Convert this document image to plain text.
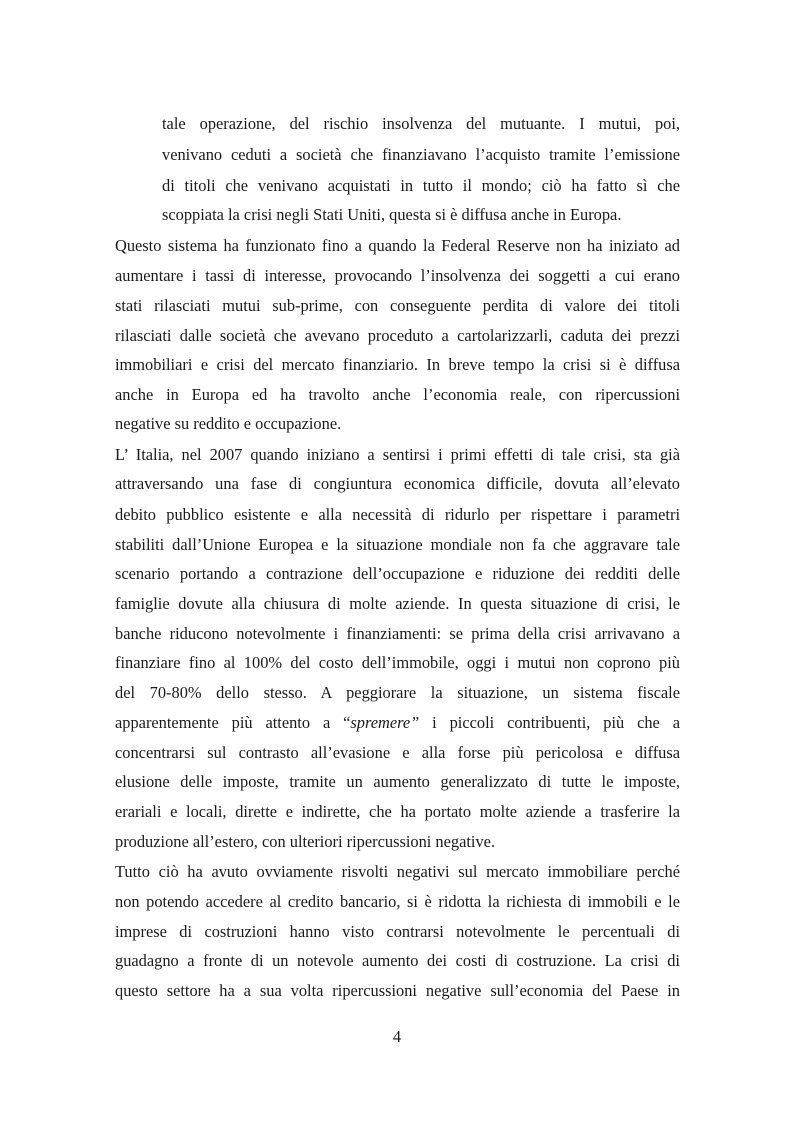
tale operazione, del rischio insolvenza del mutuante. I mutui, poi,
venivano ceduti a società che finanziavano l’acquisto tramite l’emissione
di titoli che venivano acquistati in tutto il mondo; ciò ha fatto sì che
scoppiata la crisi negli Stati Uniti, questa si è diffusa anche in Europa.
Questo sistema ha funzionato fino a quando la Federal Reserve non ha iniziato ad
aumentare i tassi di interesse, provocando l’insolvenza dei soggetti a cui erano
stati rilasciati mutui sub-prime, con conseguente perdita di valore dei titoli
rilasciati dalle società che avevano proceduto a cartolarizzarli, caduta dei prezzi
immobiliari e crisi del mercato finanziario. In breve tempo la crisi si è diffusa
anche in Europa ed ha travolto anche l’economia reale, con ripercussioni
negative su reddito e occupazione.
L’ Italia, nel 2007 quando iniziano a sentirsi i primi effetti di tale crisi, sta già
attraversando una fase di congiuntura economica difficile, dovuta all’elevato
debito pubblico esistente e alla necessità di ridurlo per rispettare i parametri
stabiliti dall’Unione Europea e la situazione mondiale non fa che aggravare tale
scenario portando a contrazione dell’occupazione e riduzione dei redditi delle
famiglie dovute alla chiusura di molte aziende. In questa situazione di crisi, le
banche riducono notevolmente i finanziamenti: se prima della crisi arrivavano a
finanziare fino al 100% del costo dell’immobile, oggi i mutui non coprono più
del 70-80% dello stesso. A peggiorare la situazione, un sistema fiscale
apparentemente più attento a “spremere” i piccoli contribuenti, più che a
concentrarsi sul contrasto all’evasione e alla forse più pericolosa e diffusa
elusione delle imposte, tramite un aumento generalizzato di tutte le imposte,
erariali e locali, dirette e indirette, che ha portato molte aziende a trasferire la
produzione all’estero, con ulteriori ripercussioni negative.
Tutto ciò ha avuto ovviamente risvolti negativi sul mercato immobiliare perché
non potendo accedere al credito bancario, si è ridotta la richiesta di immobili e le
imprese di costruzioni hanno visto contrarsi notevolmente le percentuali di
guadagno a fronte di un notevole aumento dei costi di costruzione. La crisi di
questo settore ha a sua volta ripercussioni negative sull’economia del Paese in
4
